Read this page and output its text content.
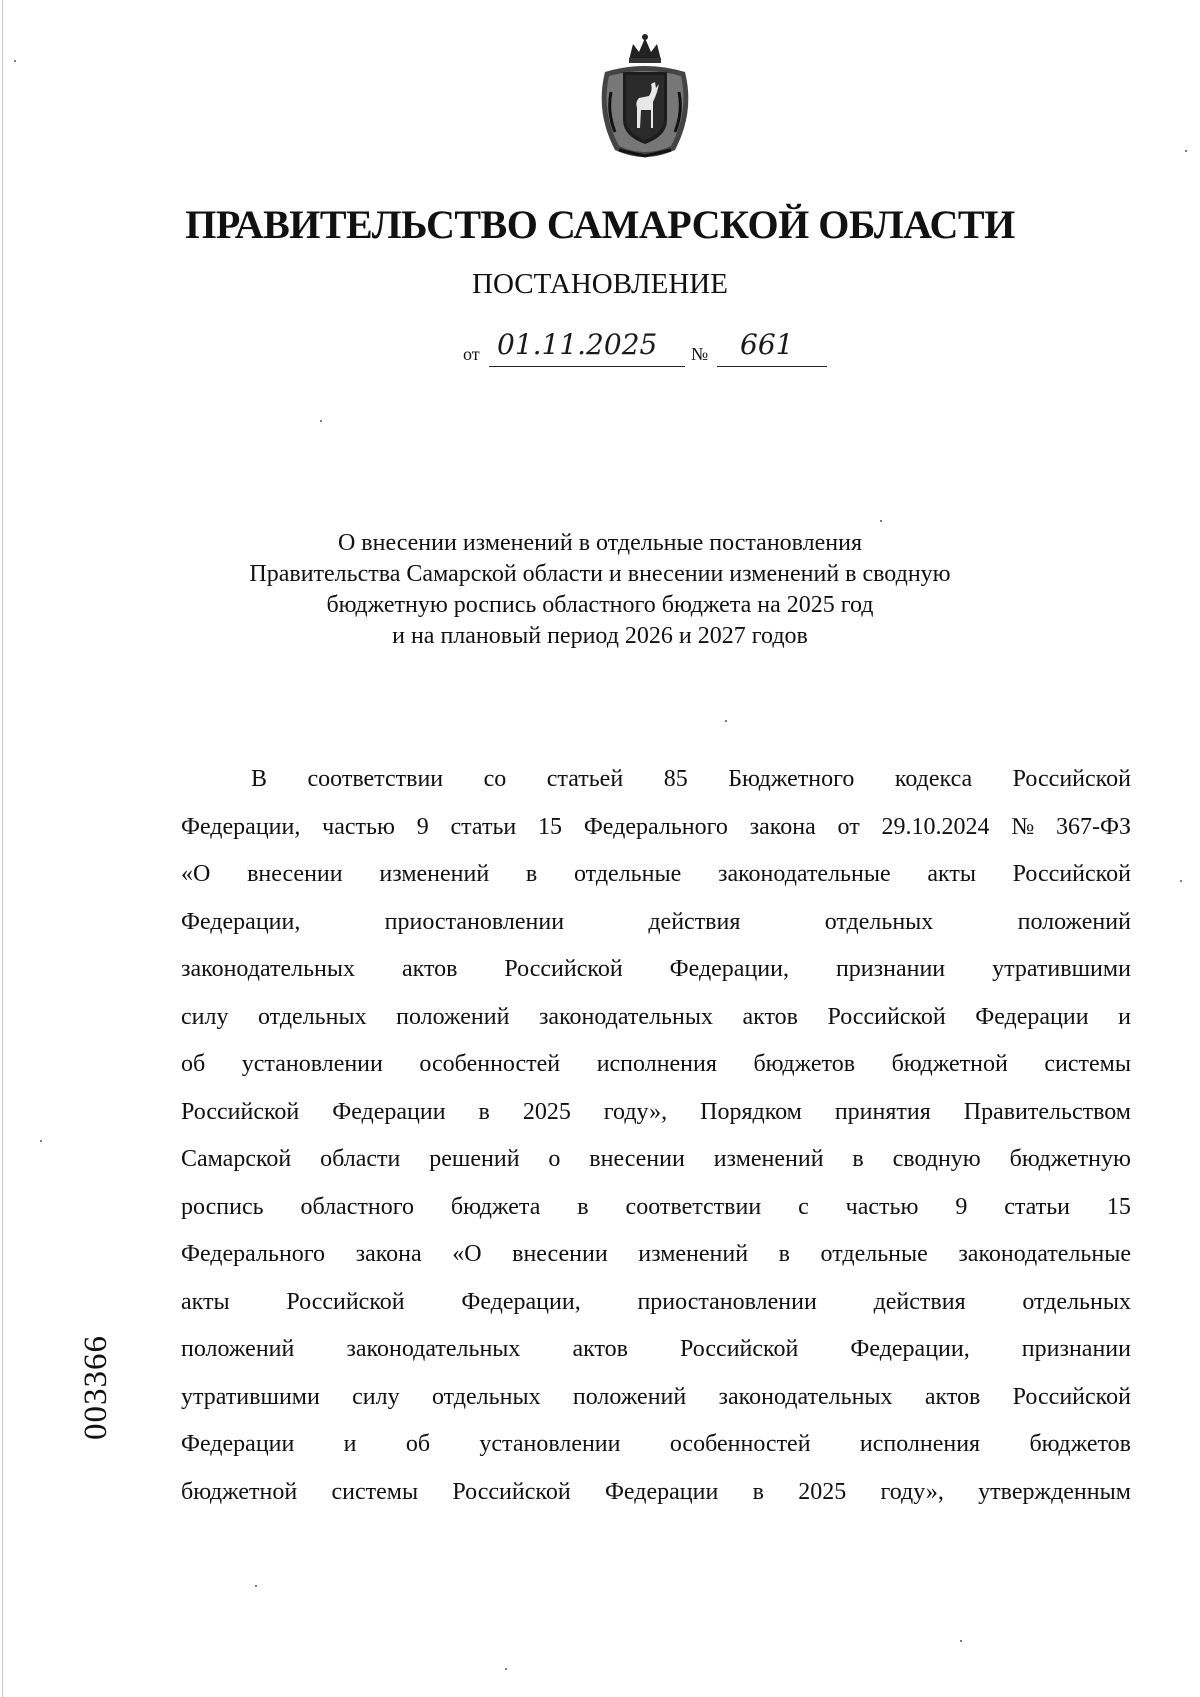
ПРАВИТЕЛЬСТВО САМАРСКОЙ ОБЛАСТИ
ПОСТАНОВЛЕНИЕ
от 01.11.2025 № 661
О внесении изменений в отдельные постановления
Правительства Самарской области и внесении изменений в сводную
бюджетную роспись областного бюджета на 2025 год
и на плановый период 2026 и 2027 годов
В соответствии со статьей 85 Бюджетного кодекса Российской
Федерации, частью 9 статьи 15 Федерального закона от 29.10.2024 № 367-ФЗ
«О внесении изменений в отдельные законодательные акты Российской
Федерации,	приостановлении	действия	отдельных	положений
законодательных актов Российской Федерации, признании утратившими
силу отдельных положений законодательных актов Российской Федерации и
об установлении особенностей исполнения бюджетов бюджетной системы
Российской Федерации в 2025 году», Порядком принятия Правительством
Самарской области решений о внесении изменений в сводную бюджетную
роспись областного бюджета в соответствии с частью 9 статьи 15
Федерального закона «О внесении изменений в отдельные законодательные
акты Российской Федерации, приостановлении действия отдельных
положений законодательных актов Российской Федерации, признании
утратившими силу отдельных положений законодательных актов Российской
Федерации и об установлении особенностей исполнения бюджетов
бюджетной системы Российской Федерации в 2025 году», утвержденным
003366
